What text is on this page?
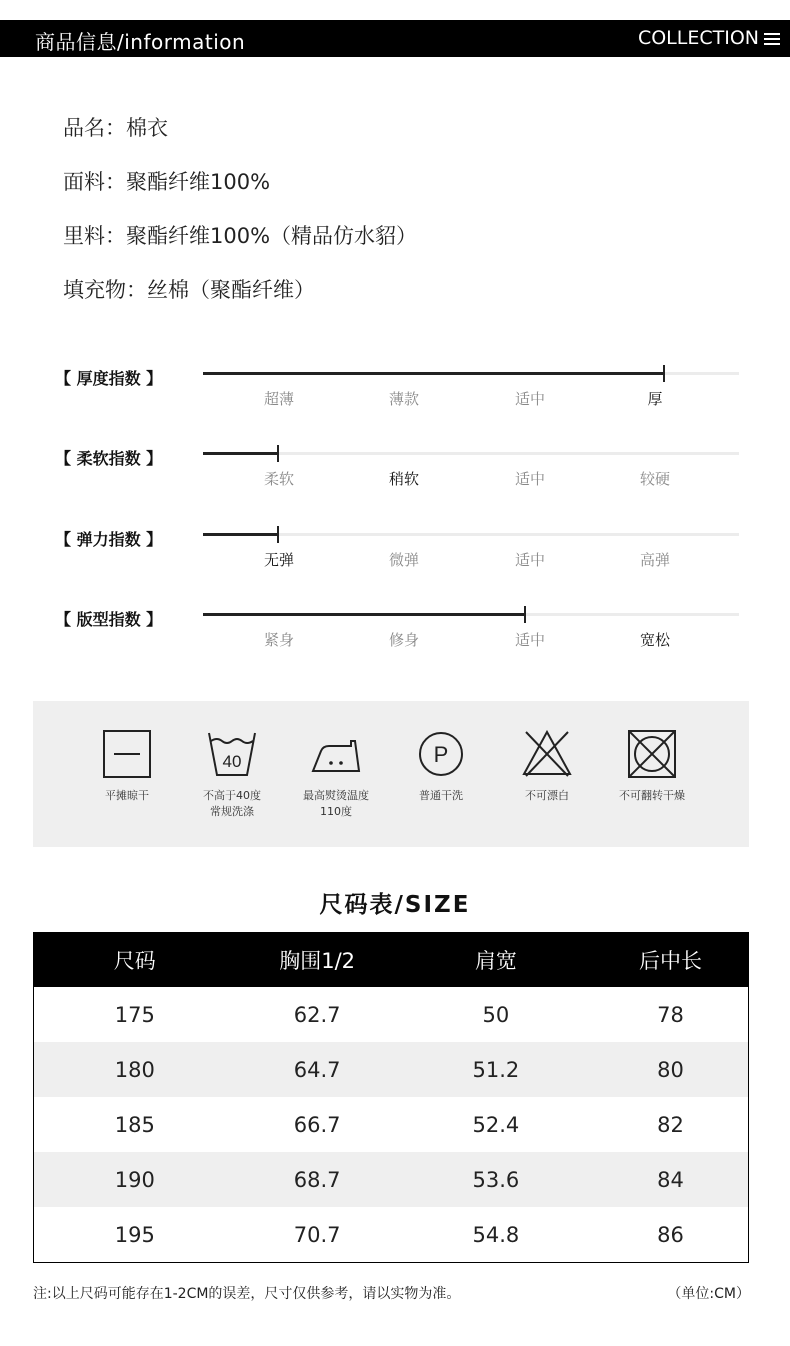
商品信息/information	COLLECTION
品名：棉衣
面料：聚酯纤维100%
里料：聚酯纤维100%（精品仿水貂）
填充物：丝棉（聚酯纤维）
【 厚度指数 】
超薄	薄款	适中	厚
【 柔软指数 】
柔软	稍软	适中	较硬
【 弹力指数 】
无弹	微弹	适中	高弹
【 版型指数 】
紧身	修身	适中	宽松
平摊晾干
40
不高于40度
常规洗涤
最高熨烫温度
110度
P
普通干洗	不可漂白	不可翻转干燥
尺码表/SIZE
尺码	胸围1/2	肩宽	后中长
175	62.7	50	78
180	64.7	51.2	80
185	66.7	52.4	82
190	68.7	53.6	84
195	70.7	54.8	86
注:以上尺码可能存在1-2CM的误差，尺寸仅供参考，请以实物为准。	（单位:CM）
